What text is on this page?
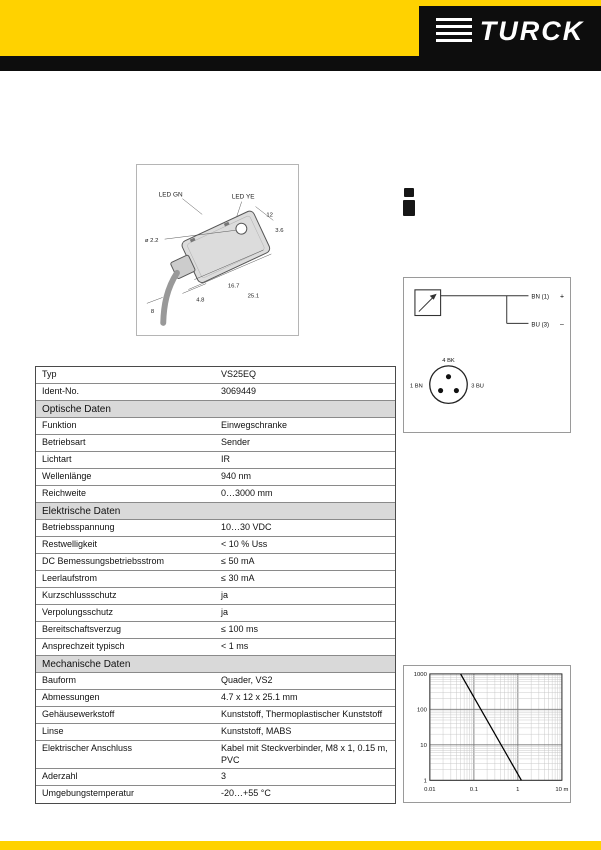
TURCK
LED GN	LED YE
12
3.6
ø 2.2
16.7
25.1
4.8
8
BN (1) +
BU (3) –
4 BK
1 BN	3 BU
Typ	VS25EQ
Ident-No.	3069449
Optische Daten
Funktion	Einwegschranke
Betriebsart	Sender
Lichtart	IR
Wellenlänge	940 nm
Reichweite	0…3000 mm
Elektrische Daten
Betriebsspannung	10…30 VDC
Restwelligkeit	< 10 % Uss
DC Bemessungsbetriebsstrom	≤ 50 mA
Leerlaufstrom	≤ 30 mA
Kurzschlussschutz	ja
Verpolungsschutz	ja
Bereitschaftsverzug	≤ 100 ms
Ansprechzeit typisch	< 1 ms
Mechanische Daten
Bauform	Quader, VS2
Abmessungen	4.7 x 12 x 25.1 mm
Gehäusewerkstoff	Kunststoff, Thermoplastischer Kunststoff
Linse	Kunststoff, MABS
Elektrischer Anschluss	Kabel mit Steckverbinder, M8 x 1, 0.15 m, PVC
Aderzahl	3
Umgebungstemperatur	-20…+55 °C	0.01	0.1	1	10 m
1000
100
10
1
